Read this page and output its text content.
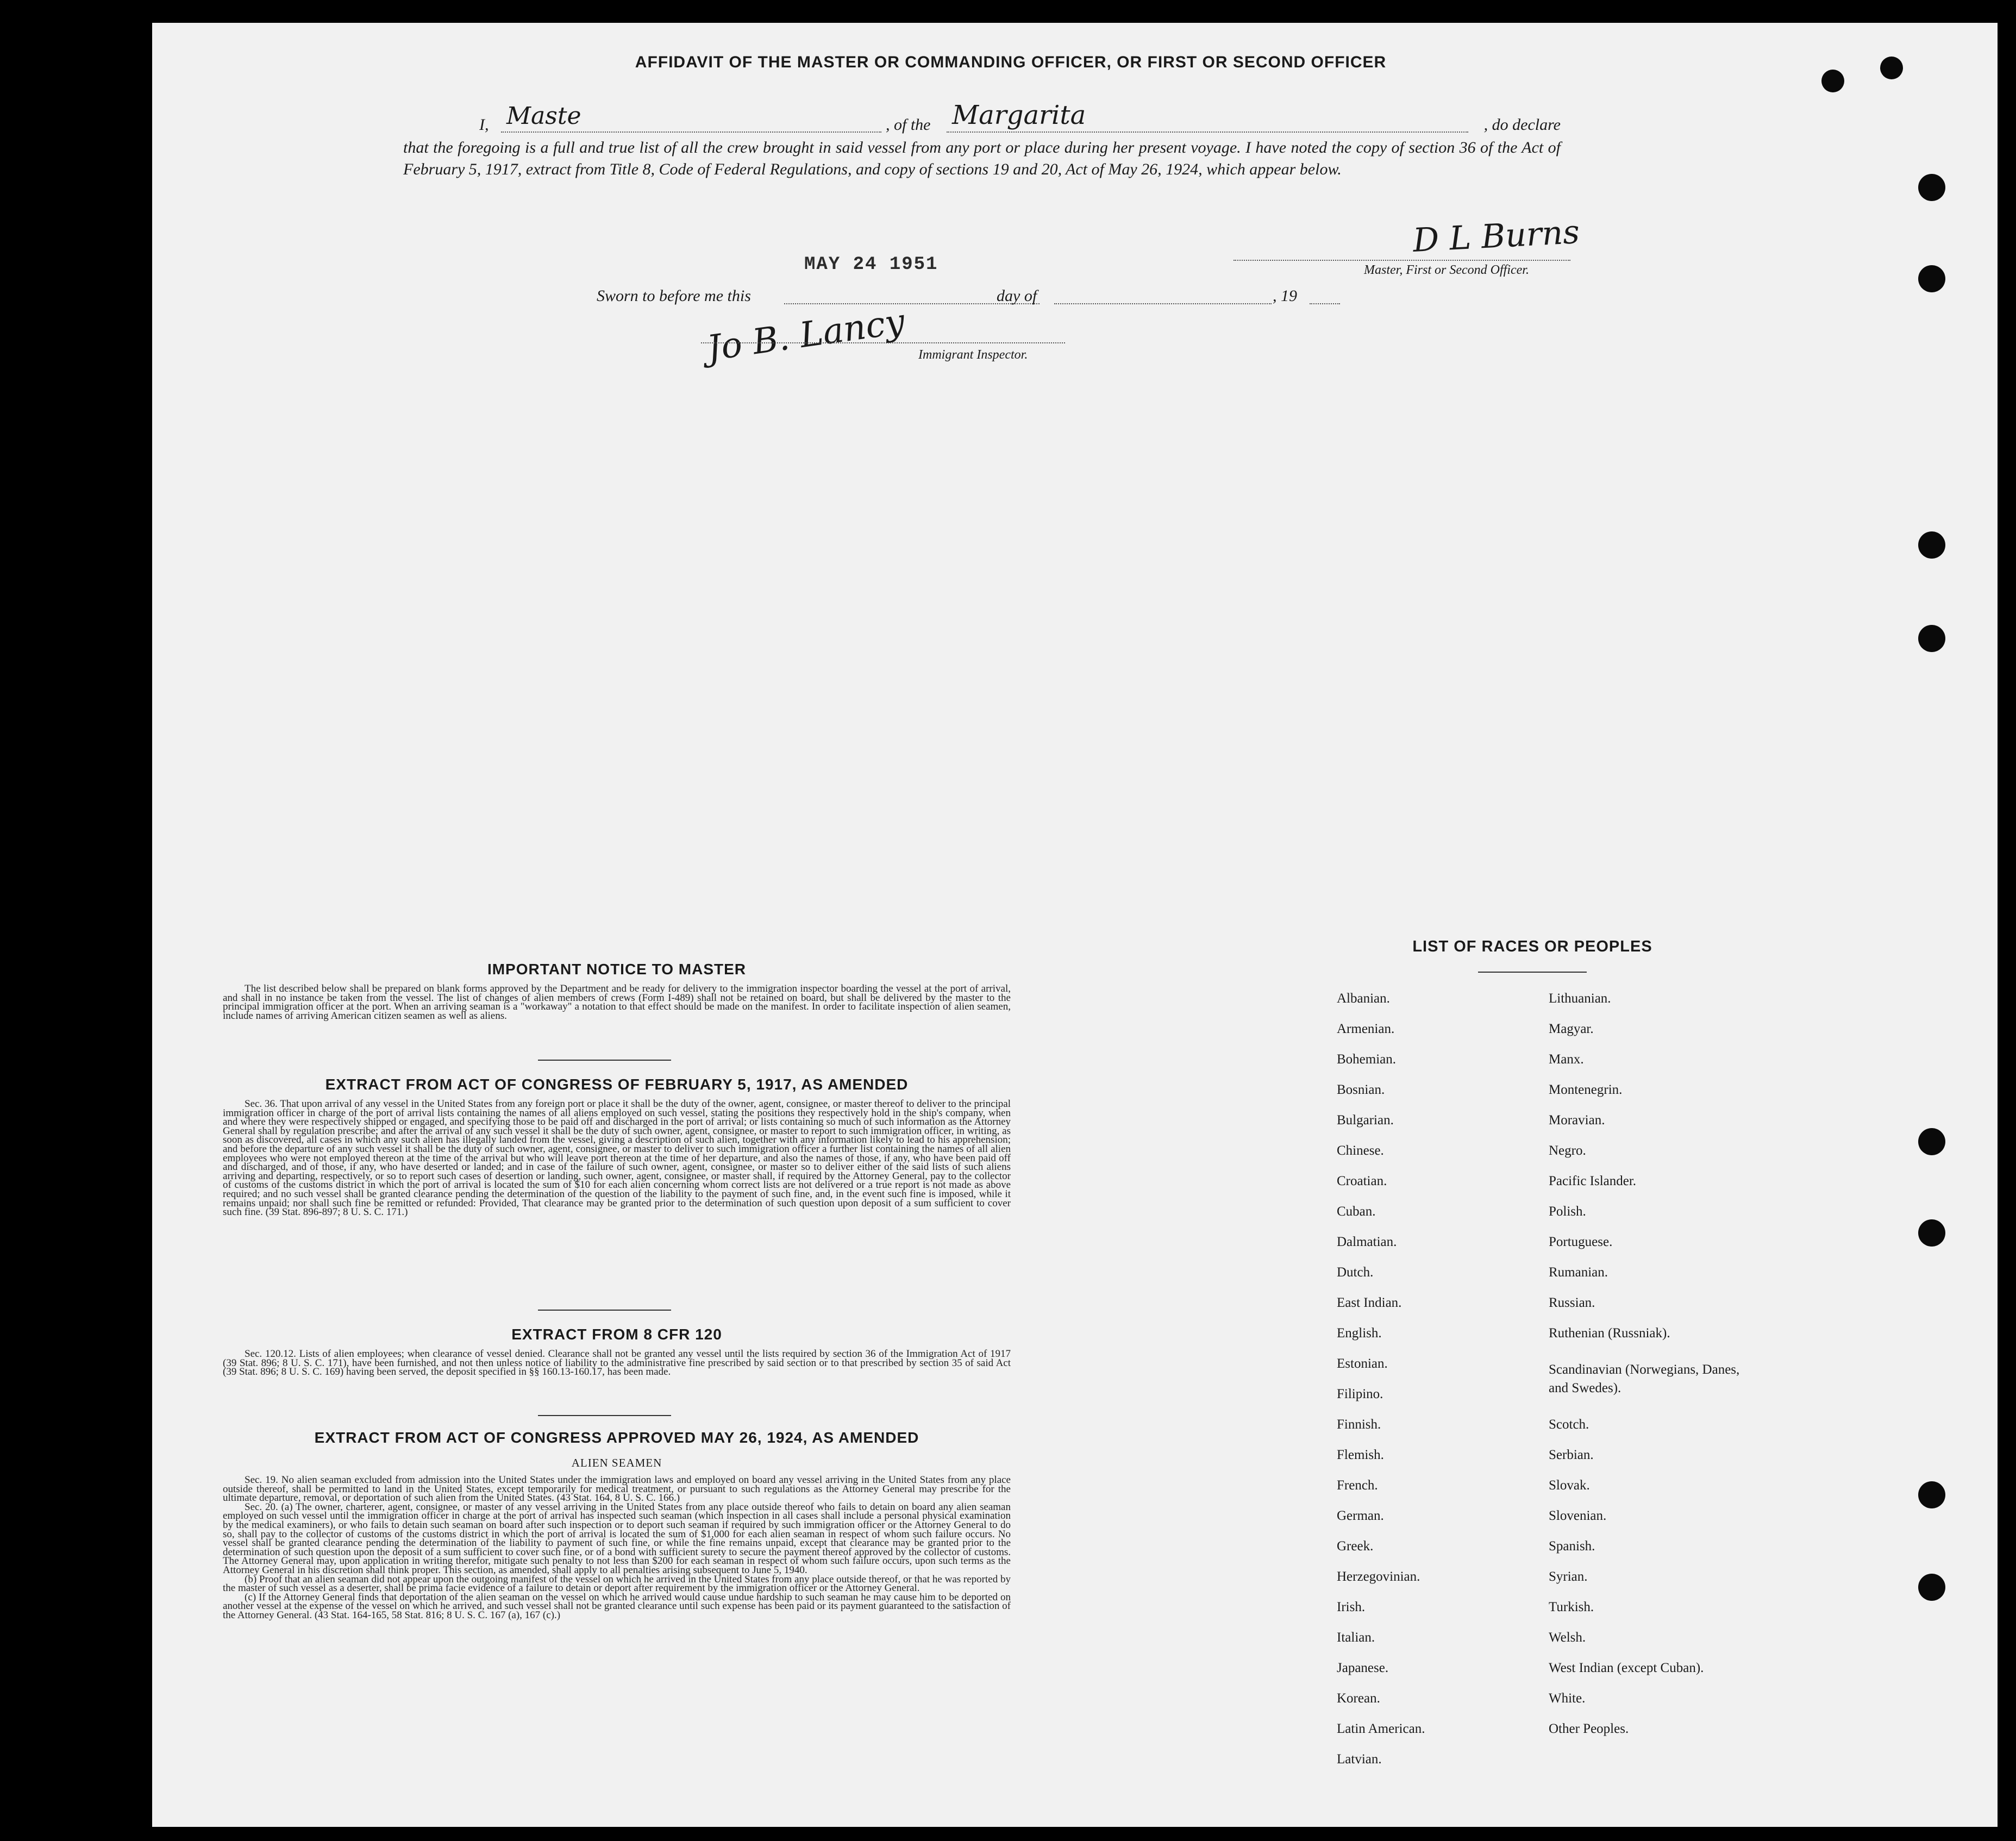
AFFIDAVIT OF THE MASTER OR COMMANDING OFFICER, OR FIRST OR SECOND OFFICER
I, Maste	, of the Margarita	, do declare
that the foregoing is a full and true list of all the crew brought in said vessel from any port or place during her present voyage. I have noted the copy of section 36 of the Act of February 5, 1917, extract from Title 8, Code of Federal Regulations, and copy of sections 19 and 20, Act of May 26, 1924, which appear below.
MAY 24 1951
D L Burns
Master, First or Second Officer.
Sworn to before me this	day of	, 19
Jo B. Lancy Immigrant Inspector.
IMPORTANT NOTICE TO MASTER

The list described below shall be prepared on blank forms approved by the Department and be ready for delivery to the immigration inspector boarding the vessel at the port of arrival, and shall in no instance be taken from the vessel. The list of changes of alien members of crews (Form I-489) shall not be retained on board, but shall be delivered by the master to the principal immigration officer at the port. When an arriving seaman is a "workaway" a notation to that effect should be made on the manifest. In order to facilitate inspection of alien seamen, include names of arriving American citizen seamen as well as aliens.

EXTRACT FROM ACT OF CONGRESS OF FEBRUARY 5, 1917, AS AMENDED

Sec. 36. That upon arrival of any vessel in the United States from any foreign port or place it shall be the duty of the owner, agent, consignee, or master thereof to deliver to the principal immigration officer in charge of the port of arrival lists containing the names of all aliens employed on such vessel, stating the positions they respectively hold in the ship's company, when and where they were respectively shipped or engaged, and specifying those to be paid off and discharged in the port of arrival; or lists containing so much of such information as the Attorney General shall by regulation prescribe; and after the arrival of any such vessel it shall be the duty of such owner, agent, consignee, or master to report to such immigration officer, in writing, as soon as discovered, all cases in which any such alien has illegally landed from the vessel, giving a description of such alien, together with any information likely to lead to his apprehension; and before the departure of any such vessel it shall be the duty of such owner, agent, consignee, or master to deliver to such immigration officer a further list containing the names of all alien employees who were not employed thereon at the time of the arrival but who will leave port thereon at the time of her departure, and also the names of those, if any, who have been paid off and discharged, and of those, if any, who have deserted or landed; and in case of the failure of such owner, agent, consignee, or master so to deliver either of the said lists of such aliens arriving and departing, respectively, or so to report such cases of desertion or landing, such owner, agent, consignee, or master shall, if required by the Attorney General, pay to the collector of customs of the customs district in which the port of arrival is located the sum of $10 for each alien concerning whom correct lists are not delivered or a true report is not made as above required; and no such vessel shall be granted clearance pending the determination of the question of the liability to the payment of such fine, and, in the event such fine is imposed, while it remains unpaid; nor shall such fine be remitted or refunded: Provided, That clearance may be granted prior to the determination of such question upon deposit of a sum sufficient to cover such fine. (39 Stat. 896-897; 8 U. S. C. 171.)

EXTRACT FROM 8 CFR 120

Sec. 120.12. Lists of alien employees; when clearance of vessel denied. Clearance shall not be granted any vessel until the lists required by section 36 of the Immigration Act of 1917 (39 Stat. 896; 8 U. S. C. 171), have been furnished, and not then unless notice of liability to the administrative fine prescribed by said section or to that prescribed by section 35 of said Act (39 Stat. 896; 8 U. S. C. 169) having been served, the deposit specified in §§ 160.13-160.17, has been made.

EXTRACT FROM ACT OF CONGRESS APPROVED MAY 26, 1924, AS AMENDED
ALIEN SEAMEN

Sec. 19. No alien seaman excluded from admission into the United States under the immigration laws and employed on board any vessel arriving in the United States from any place outside thereof, shall be permitted to land in the United States, except temporarily for medical treatment, or pursuant to such regulations as the Attorney General may prescribe for the ultimate departure, removal, or deportation of such alien from the United States. (43 Stat. 164, 8 U. S. C. 166.)

Sec. 20. (a) The owner, charterer, agent, consignee, or master of any vessel arriving in the United States from any place outside thereof who fails to detain on board any alien seaman employed on such vessel until the immigration officer in charge at the port of arrival has inspected such seaman (which inspection in all cases shall include a personal physical examination by the medical examiners), or who fails to detain such seaman on board after such inspection or to deport such seaman if required by such immigration officer or the Attorney General to do so, shall pay to the collector of customs of the customs district in which the port of arrival is located the sum of $1,000 for each alien seaman in respect of whom such failure occurs. No vessel shall be granted clearance pending the determination of the liability to payment of such fine, or while the fine remains unpaid, except that clearance may be granted prior to the determination of such question upon the deposit of a sum sufficient to cover such fine, or of a bond with sufficient surety to secure the payment thereof approved by the collector of customs. The Attorney General may, upon application in writing therefor, mitigate such penalty to not less than $200 for each seaman in respect of whom such failure occurs, upon such terms as the Attorney General in his discretion shall think proper. This section, as amended, shall apply to all penalties arising subsequent to June 5, 1940.

(b) Proof that an alien seaman did not appear upon the outgoing manifest of the vessel on which he arrived in the United States from any place outside thereof, or that he was reported by the master of such vessel as a deserter, shall be prima facie evidence of a failure to detain or deport after requirement by the immigration officer or the Attorney General.

(c) If the Attorney General finds that deportation of the alien seaman on the vessel on which he arrived would cause undue hardship to such seaman he may cause him to be deported on another vessel at the expense of the vessel on which he arrived, and such vessel shall not be granted clearance until such expense has been paid or its payment guaranteed to the satisfaction of the Attorney General. (43 Stat. 164-165, 58 Stat. 816; 8 U. S. C. 167 (a), 167 (c).)

LIST OF RACES OR PEOPLES
Albanian.
Armenian.
Bohemian.
Bosnian.
Bulgarian.
Chinese.
Croatian.
Cuban.
Dalmatian.
Dutch.
East Indian.
English.
Estonian.
Filipino.
Finnish.
Flemish.
French.
German.
Greek.
Herzegovinian.
Irish.
Italian.
Japanese.
Korean.
Latin American.
Latvian.
Lithuanian.
Magyar.
Manx.
Montenegrin.
Moravian.
Negro.
Pacific Islander.
Polish.
Portuguese.
Rumanian.
Russian.
Ruthenian (Russniak).
Scandinavian (Norwegians, Danes, and Swedes).
Scotch.
Serbian.
Slovak.
Slovenian.
Spanish.
Syrian.
Turkish.
Welsh.
West Indian (except Cuban).
White.
Other Peoples.
